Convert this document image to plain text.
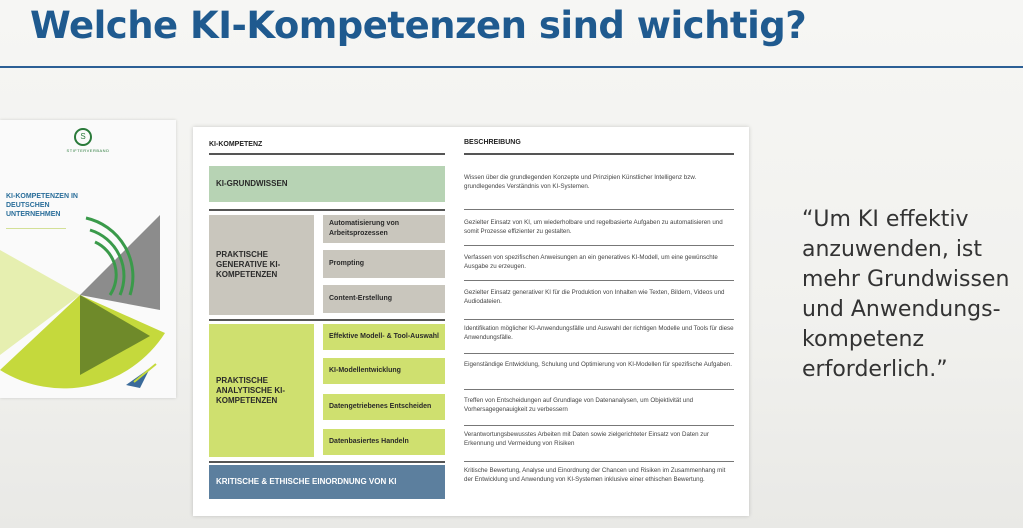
Welche KI-Kompetenzen sind wichtig?
S
STIFTERVERBAND
KI-KOMPETENZEN IN DEUTSCHEN UNTERNEHMEN
KI-KOMPETENZ	BESCHREIBUNG
KI-GRUNDWISSEN
PRAKTISCHE GENERATIVE KI-KOMPETENZEN
Automatisierung von Arbeitsprozessen
Prompting
Content-Erstellung
PRAKTISCHE ANALYTISCHE KI-KOMPETENZEN
Effektive Modell- & Tool-Auswahl
KI-Modellentwicklung
Datengetriebenes Entscheiden
Datenbasiertes Handeln
KRITISCHE & ETHISCHE EINORDNUNG VON KI
Wissen über die grundlegenden Konzepte und Prinzipien Künstlicher Intelligenz bzw. grundlegendes Verständnis von KI-Systemen.
Gezielter Einsatz von KI, um wiederholbare und regelbasierte Aufgaben zu automatisieren und somit Prozesse effizienter zu gestalten.
Verfassen von spezifischen Anweisungen an ein generatives KI-Modell, um eine gewünschte Ausgabe zu erzeugen.
Gezielter Einsatz generativer KI für die Produktion von Inhalten wie Texten, Bildern, Videos und Audiodateien.
Identifikation möglicher KI-Anwendungsfälle und Auswahl der richtigen Modelle und Tools für diese Anwendungsfälle.
Eigenständige Entwicklung, Schulung und Optimierung von KI-Modellen für spezifische Aufgaben.
Treffen von Entscheidungen auf Grundlage von Datenanalysen, um Objektivität und Vorhersagegenauigkeit zu verbessern
Verantwortungsbewusstes Arbeiten mit Daten sowie zielgerichteter Einsatz von Daten zur Erkennung und Vermeidung von Risiken
Kritische Bewertung, Analyse und Einordnung der Chancen und Risiken im Zusammenhang mit der Entwicklung und Anwendung von KI-Systemen inklusive einer ethischen Bewertung.
“Um KI effektiv
anzuwenden, ist
mehr Grundwissen
und Anwendungs-
kompetenz
erforderlich.”
